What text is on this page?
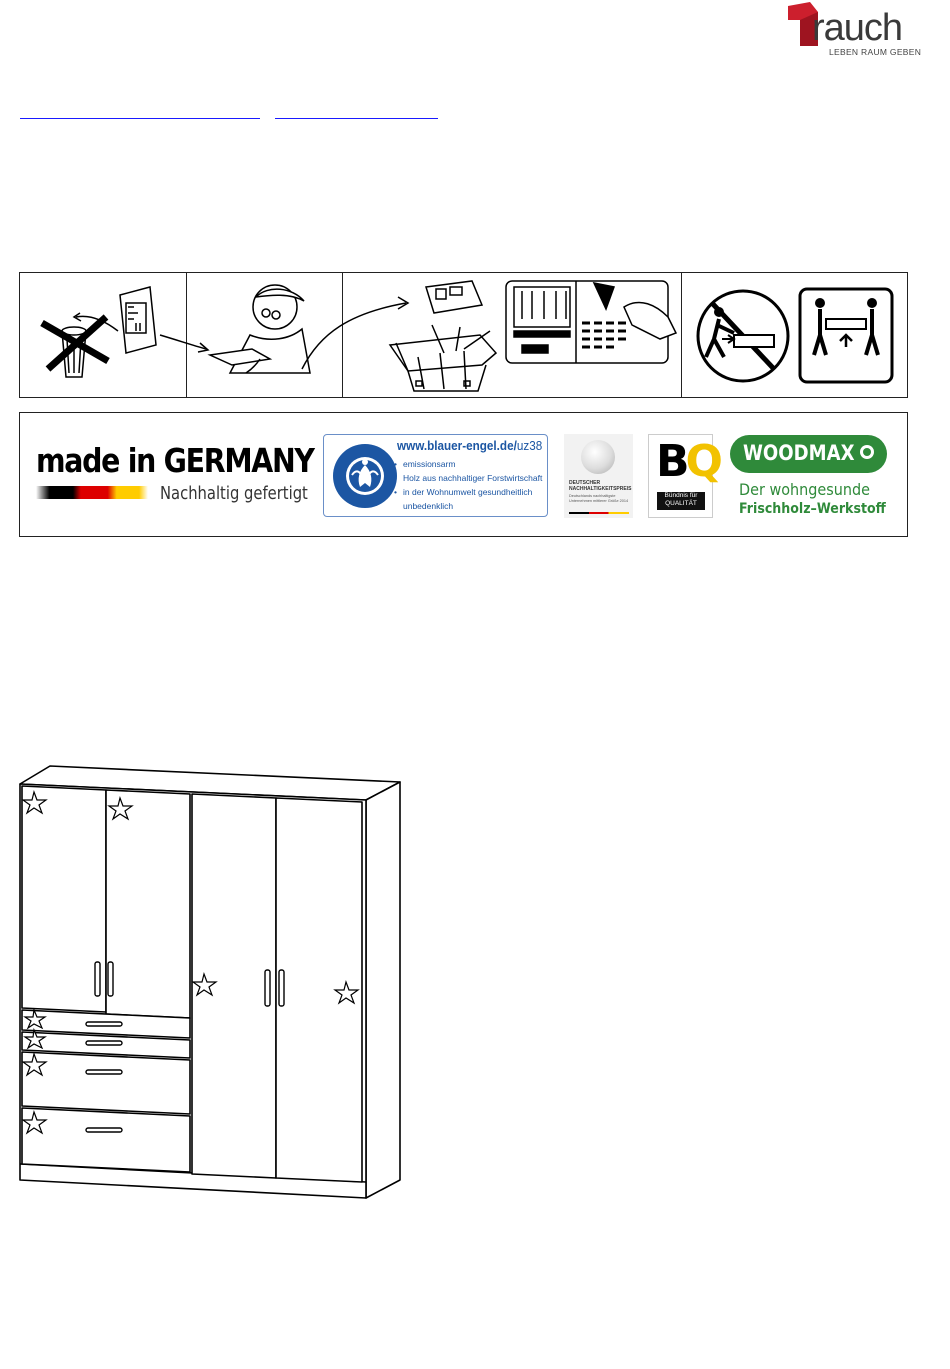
rauch
LEBEN RAUM GEBEN
made in GERMANY
Nachhaltig gefertigt
www.blauer-engel.de/uz38
• emissionsarm
• Holz aus nachhaltiger Forstwirtschaft
• in der Wohnumwelt gesundheitlich
unbedenklich
DEUTSCHER NACHHALTIGKEITSPREIS
Deutschlands nachhaltigste Unternehmen mittlerer Größe 2014
BQ
Bündnis für QUALITÄT
WOODMAX
Der wohngesunde
Frischholz–Werkstoff
